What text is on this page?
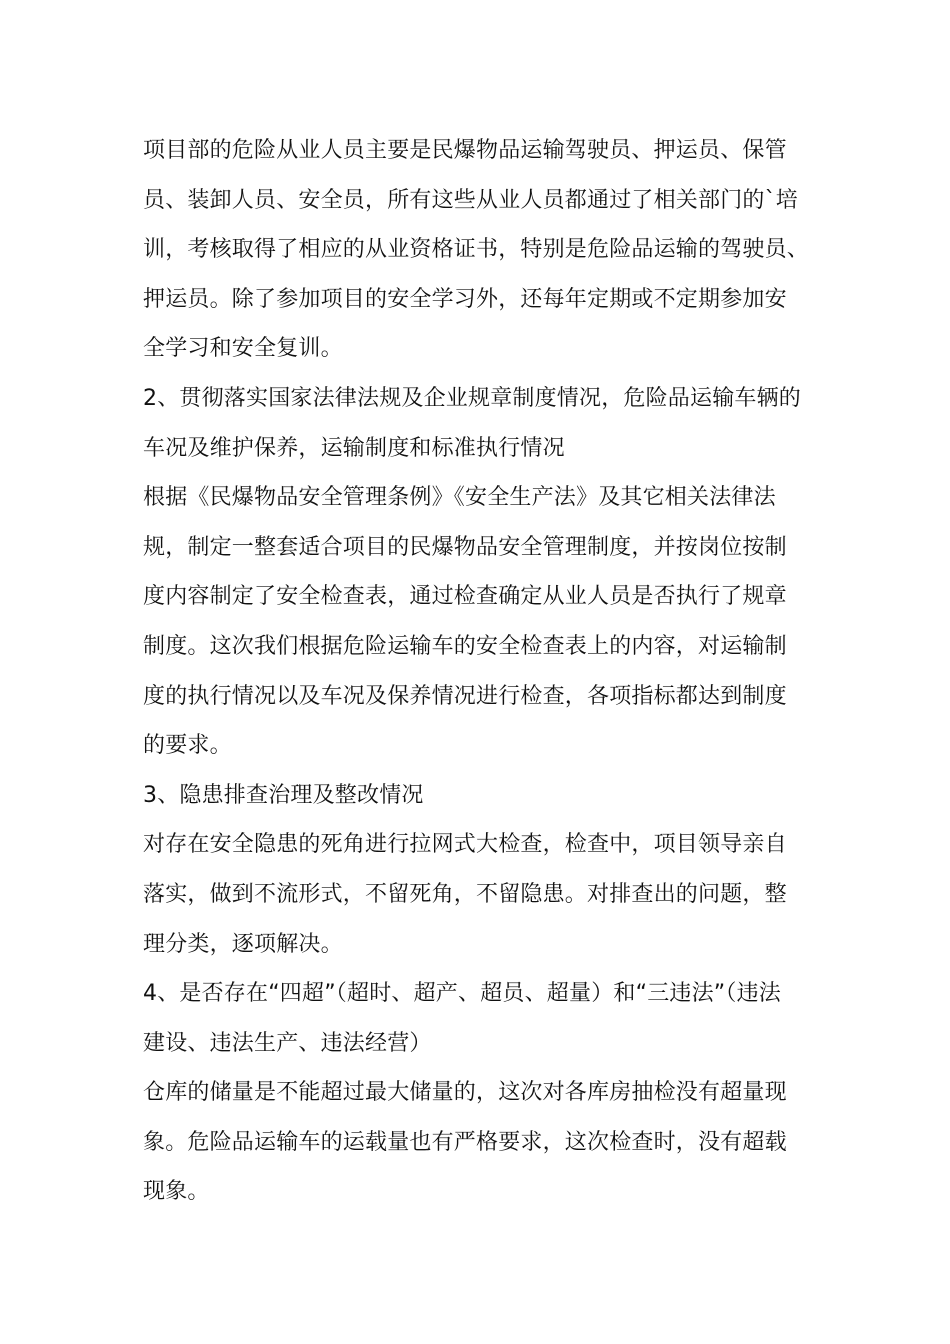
项目部的危险从业人员主要是民爆物品运输驾驶员、押运员、保管
员、装卸人员、安全员，所有这些从业人员都通过了相关部门的`培
训，考核取得了相应的从业资格证书，特别是危险品运输的驾驶员、
押运员。除了参加项目的安全学习外，还每年定期或不定期参加安
全学习和安全复训。
2、贯彻落实国家法律法规及企业规章制度情况，危险品运输车辆的
车况及维护保养，运输制度和标准执行情况
根据《民爆物品安全管理条例》《安全生产法》及其它相关法律法
规，制定一整套适合项目的民爆物品安全管理制度，并按岗位按制
度内容制定了安全检查表，通过检查确定从业人员是否执行了规章
制度。这次我们根据危险运输车的安全检查表上的内容，对运输制
度的执行情况以及车况及保养情况进行检查，各项指标都达到制度
的要求。
3、隐患排查治理及整改情况
对存在安全隐患的死角进行拉网式大检查，检查中，项目领导亲自
落实，做到不流形式，不留死角，不留隐患。对排查出的问题，整
理分类，逐项解决。
4、是否存在“四超”（超时、超产、超员、超量）和“三违法”（违法
建设、违法生产、违法经营）
仓库的储量是不能超过最大储量的，这次对各库房抽检没有超量现
象。危险品运输车的运载量也有严格要求，这次检查时，没有超载
现象。
